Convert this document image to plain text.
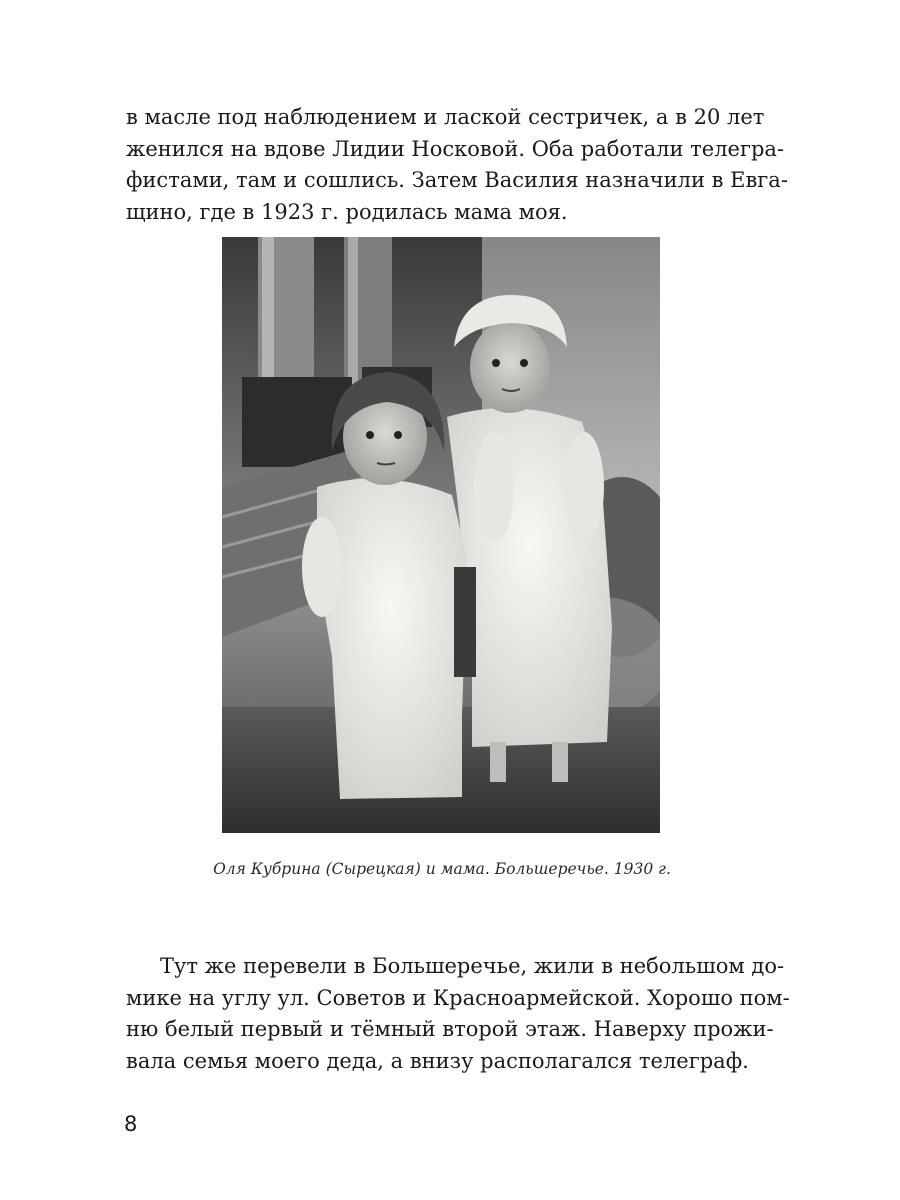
в масле под наблюдением и лаской сестричек, а в 20 лет
женился на вдове Лидии Носковой. Оба работали телегра-
фистами, там и сошлись. Затем Василия назначили в Евга-
щино, где в 1923 г. родилась мама моя.

Оля Кубрина (Сырецкая) и мама. Большеречье. 1930 г.

Тут же перевели в Большеречье, жили в небольшом до-
мике на углу ул. Советов и Красноармейской. Хорошо пом-
ню белый первый и тёмный второй этаж. Наверху прожи-
вала семья моего деда, а внизу располагался телеграф.

8
